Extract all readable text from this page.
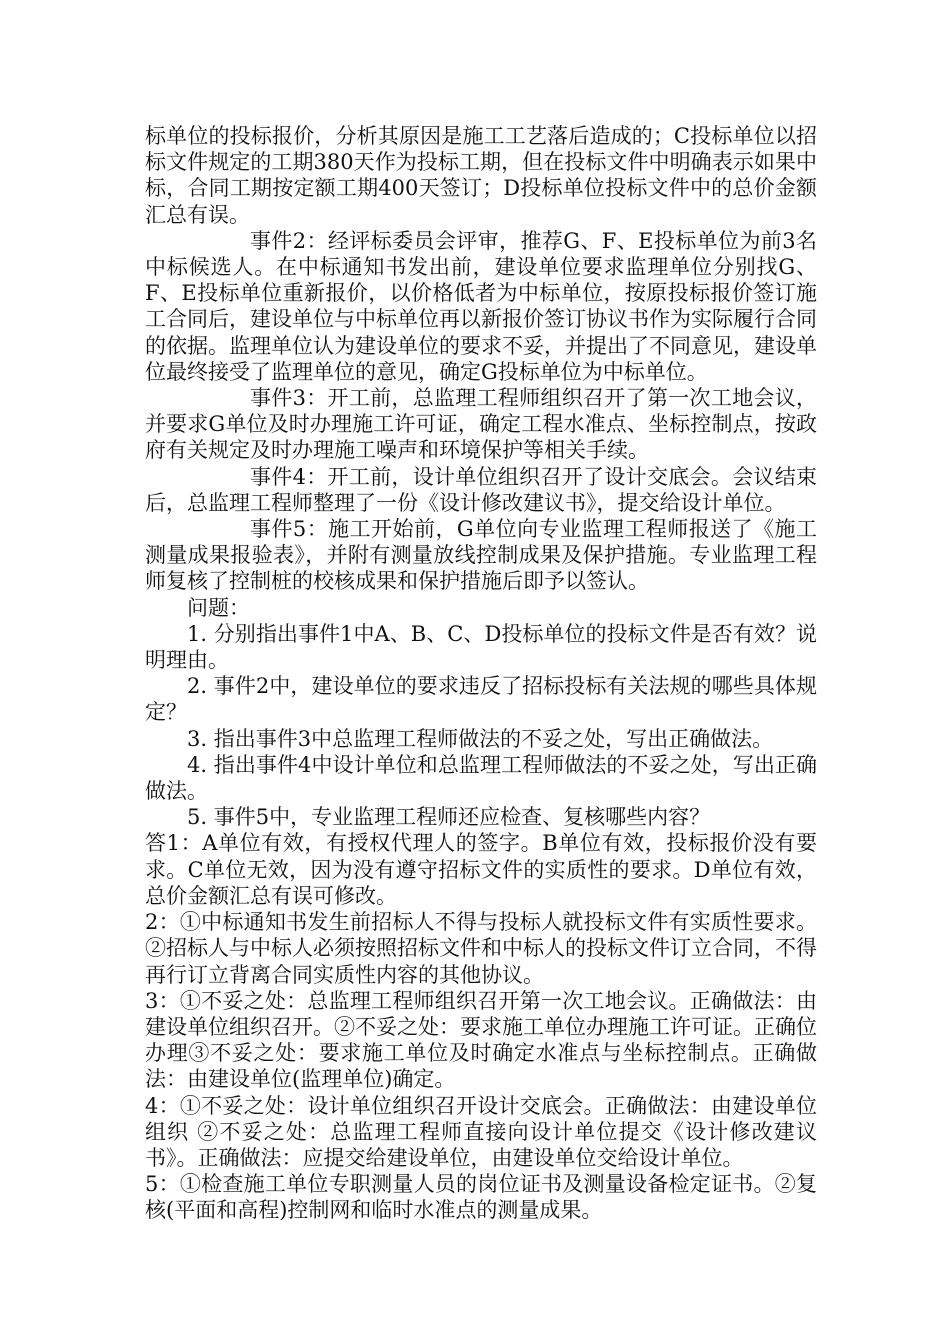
标单位的投标报价，分析其原因是施工工艺落后造成的；C投标单位以招标文件规定的工期380天作为投标工期，但在投标文件中明确表示如果中标，合同工期按定额工期400天签订；D投标单位投标文件中的总价金额汇总有误。

事件2：经评标委员会评审，推荐G、F、E投标单位为前3名中标候选人。在中标通知书发出前，建设单位要求监理单位分别找G、F、E投标单位重新报价，以价格低者为中标单位，按原投标报价签订施工合同后，建设单位与中标单位再以新报价签订协议书作为实际履行合同的依据。监理单位认为建设单位的要求不妥，并提出了不同意见，建设单位最终接受了监理单位的意见，确定G投标单位为中标单位。

事件3：开工前，总监理工程师组织召开了第一次工地会议，并要求G单位及时办理施工许可证，确定工程水准点、坐标控制点，按政府有关规定及时办理施工噪声和环境保护等相关手续。

事件4：开工前，设计单位组织召开了设计交底会。会议结束后，总监理工程师整理了一份《设计修改建议书》，提交给设计单位。

事件5：施工开始前，G单位向专业监理工程师报送了《施工测量成果报验表》，并附有测量放线控制成果及保护措施。专业监理工程师复核了控制桩的校核成果和保护措施后即予以签认。

问题：

1. 分别指出事件1中A、B、C、D投标单位的投标文件是否有效？说明理由。

2. 事件2中，建设单位的要求违反了招标投标有关法规的哪些具体规定？

3. 指出事件3中总监理工程师做法的不妥之处，写出正确做法。

4. 指出事件4中设计单位和总监理工程师做法的不妥之处，写出正确做法。

5. 事件5中，专业监理工程师还应检查、复核哪些内容？

答1：A单位有效，有授权代理人的签字。B单位有效，投标报价没有要求。C单位无效，因为没有遵守招标文件的实质性的要求。D单位有效，总价金额汇总有误可修改。

2：①中标通知书发生前招标人不得与投标人就投标文件有实质性要求。②招标人与中标人必须按照招标文件和中标人的投标文件订立合同，不得再行订立背离合同实质性内容的其他协议。

3：①不妥之处：总监理工程师组织召开第一次工地会议。正确做法：由建设单位组织召开。②不妥之处：要求施工单位办理施工许可证。正确位办理③不妥之处：要求施工单位及时确定水准点与坐标控制点。正确做法：由建设单位(监理单位)确定。

4：①不妥之处：设计单位组织召开设计交底会。正确做法：由建设单位组织 ②不妥之处：总监理工程师直接向设计单位提交《设计修改建议书》。正确做法：应提交给建设单位，由建设单位交给设计单位。

5：①检查施工单位专职测量人员的岗位证书及测量设备检定证书。②复核(平面和高程)控制网和临时水准点的测量成果。
